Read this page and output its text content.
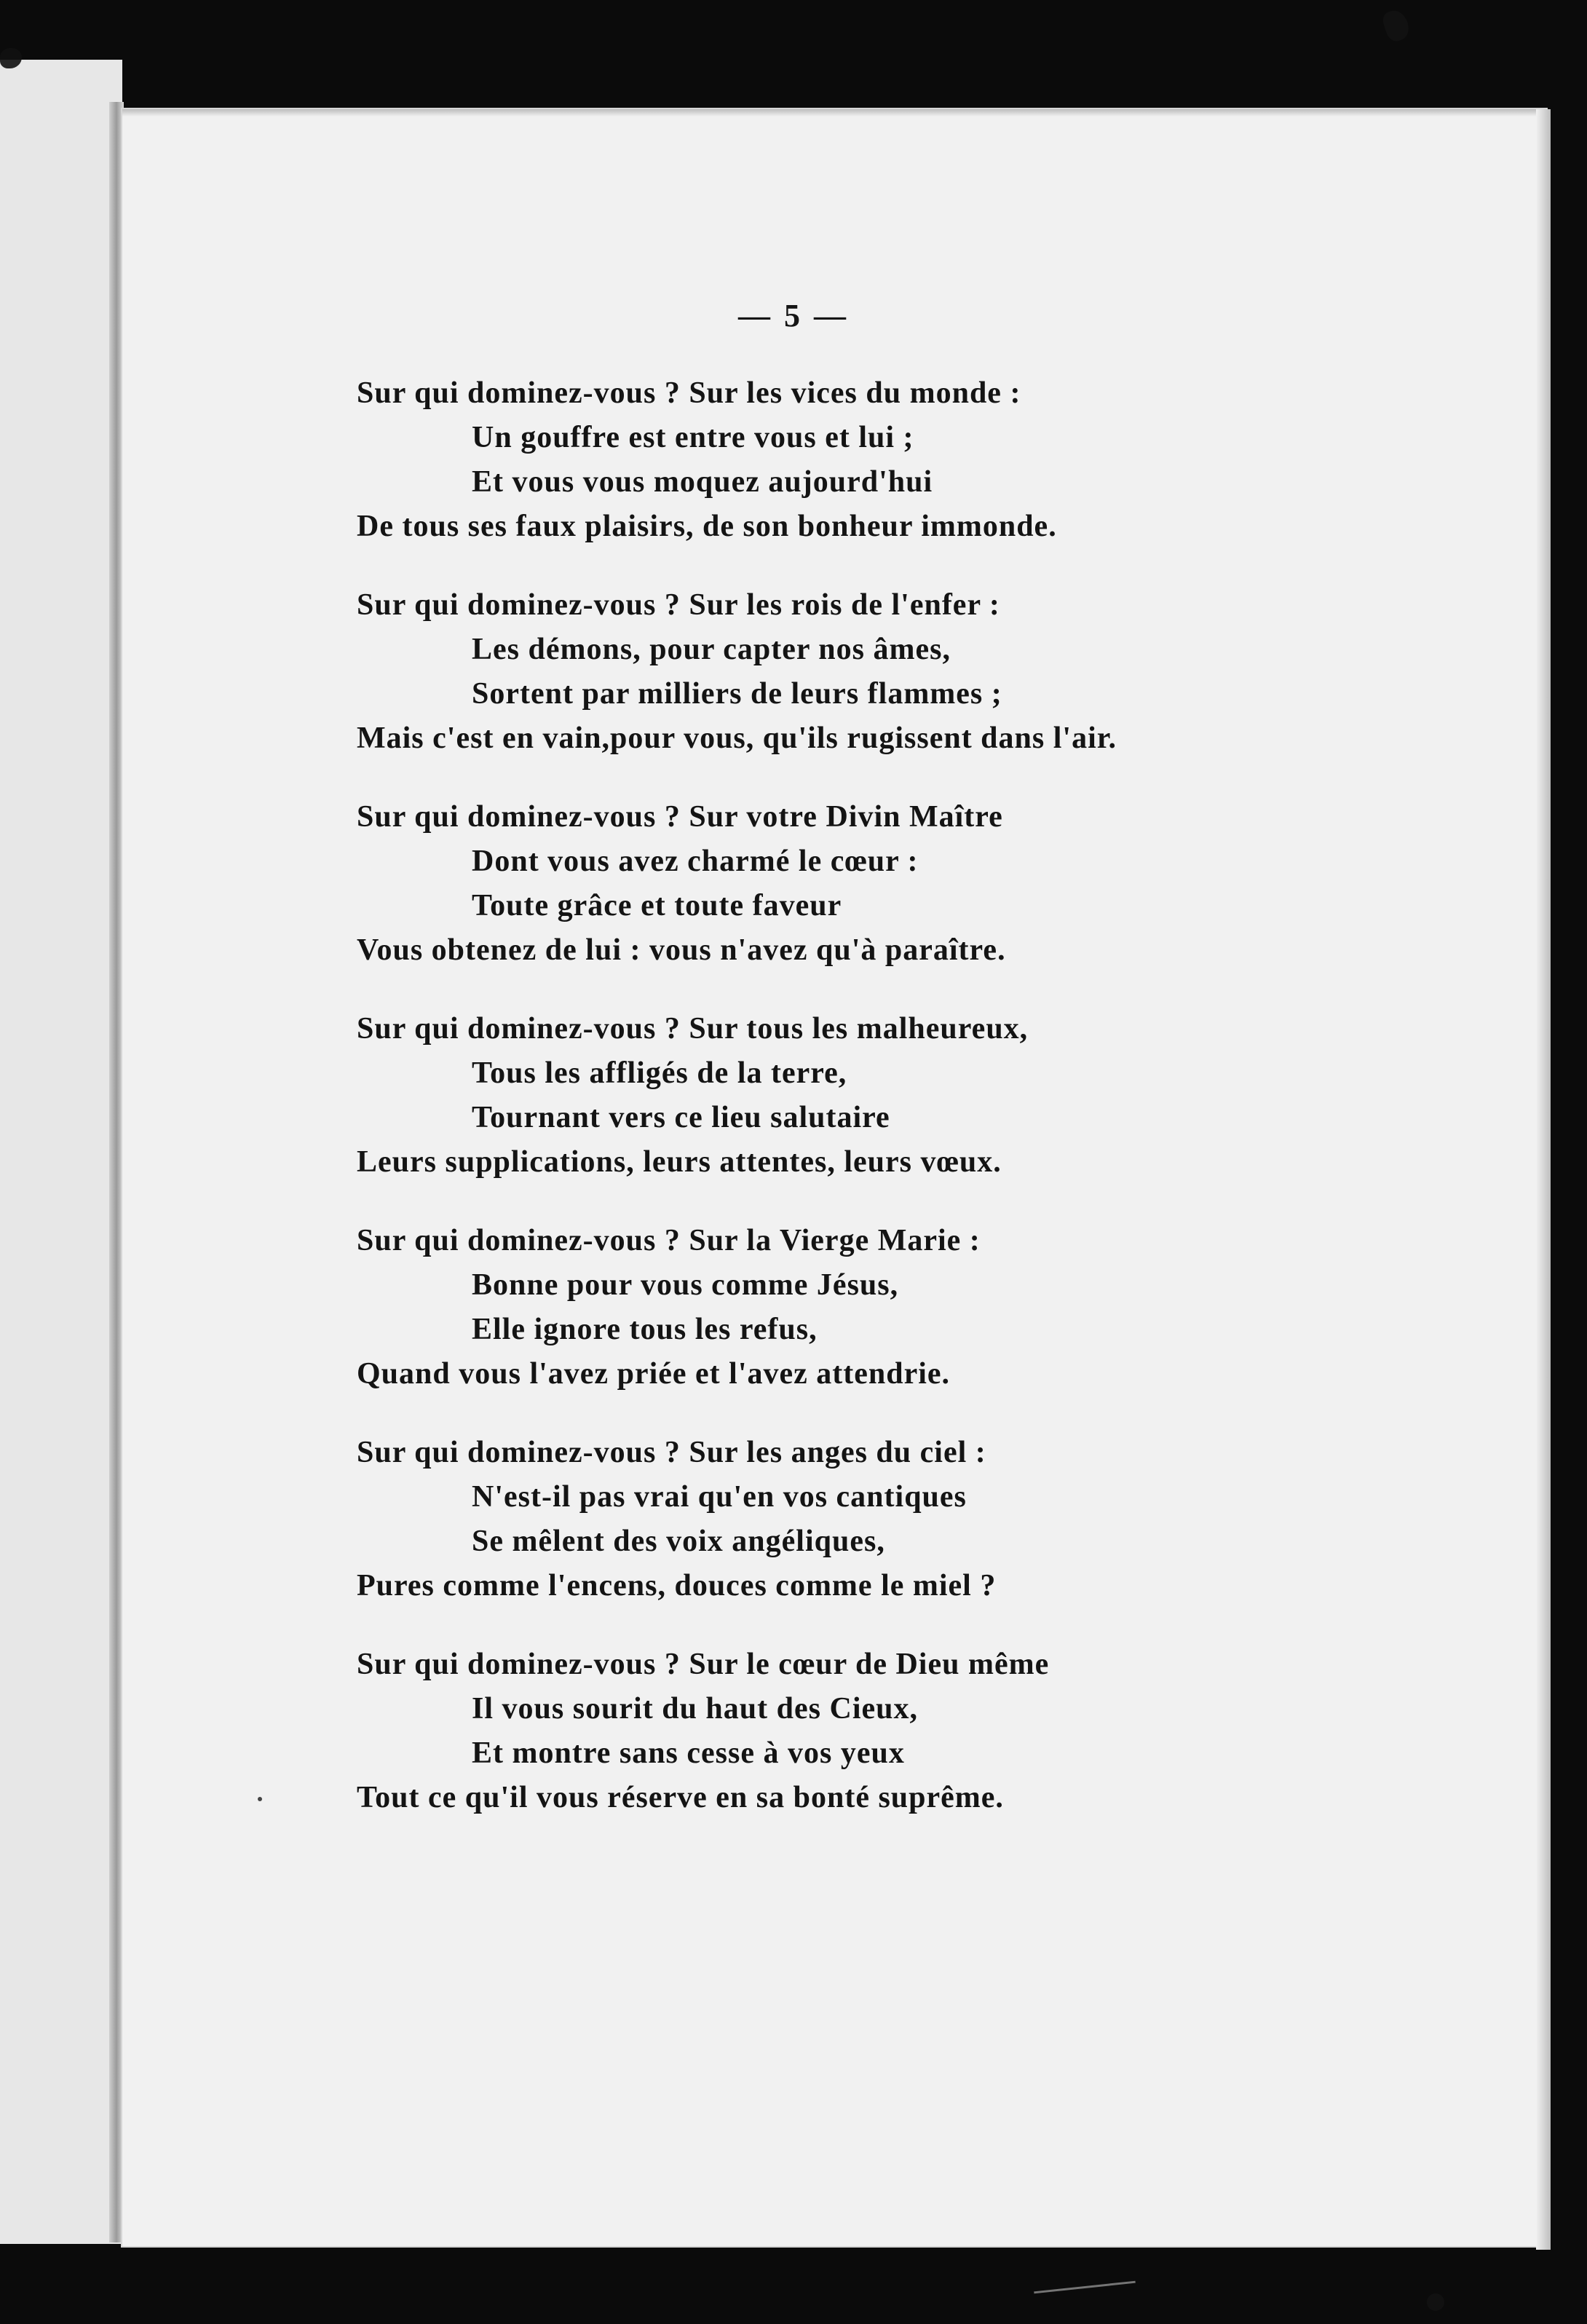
— 5 —
Sur qui dominez-vous ? Sur les vices du monde :
Un gouffre est entre vous et lui ;
Et vous vous moquez aujourd'hui
De tous ses faux plaisirs, de son bonheur immonde.
Sur qui dominez-vous ? Sur les rois de l'enfer :
Les démons, pour capter nos âmes,
Sortent par milliers de leurs flammes ;
Mais c'est en vain,pour vous, qu'ils rugissent dans l'air.
Sur qui dominez-vous ? Sur votre Divin Maître
Dont vous avez charmé le cœur :
Toute grâce et toute faveur
Vous obtenez de lui : vous n'avez qu'à paraître.
Sur qui dominez-vous ? Sur tous les malheureux,
Tous les affligés de la terre,
Tournant vers ce lieu salutaire
Leurs supplications, leurs attentes, leurs vœux.
Sur qui dominez-vous ? Sur la Vierge Marie :
Bonne pour vous comme Jésus,
Elle ignore tous les refus,
Quand vous l'avez priée et l'avez attendrie.
Sur qui dominez-vous ? Sur les anges du ciel :
N'est-il pas vrai qu'en vos cantiques
Se mêlent des voix angéliques,
Pures comme l'encens, douces comme le miel ?
Sur qui dominez-vous ? Sur le cœur de Dieu même
Il vous sourit du haut des Cieux,
Et montre sans cesse à vos yeux
Tout ce qu'il vous réserve en sa bonté suprême.
